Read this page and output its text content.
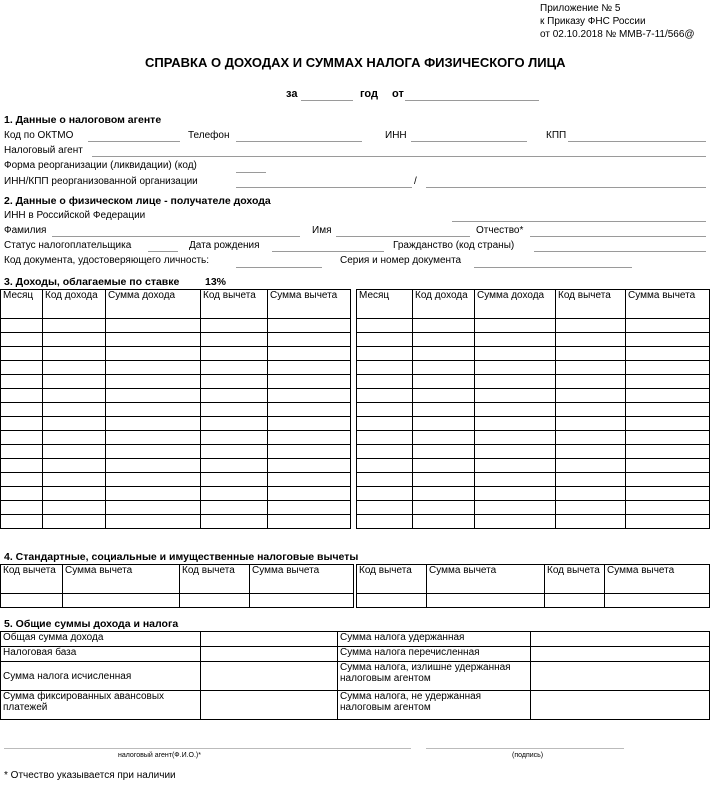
Приложение № 5
к Приказу ФНС России
от 02.10.2018 № ММВ-7-11/566@
СПРАВКА О ДОХОДАХ И СУММАХ НАЛОГА ФИЗИЧЕСКОГО ЛИЦА
за	год от
1. Данные о налоговом агенте
Код по ОКТМО	Телефон	ИНН	КПП
Налоговый агент
Форма реорганизации (ликвидации) (код)
ИНН/КПП реорганизованной организации	/
2. Данные о физическом лице - получателе дохода
ИНН в Российской Федерации
Фамилия	Имя	Отчество*
Статус налогоплательщика	Дата рождения	Гражданство (код страны)
Код документа, удостоверяющего личность:	Серия и номер документа
3. Доходы, облагаемые по ставке 13%
Месяц	Код дохода	Сумма дохода	Код вычета	Сумма вычета		Месяц	Код дохода	Сумма дохода	Код вычета	Сумма вычета

4. Стандартные, социальные и имущественные налоговые вычеты
Код вычета	Сумма вычета	Код вычета	Сумма вычета		Код вычета	Сумма вычета	Код вычета	Сумма вычета

5. Общие суммы дохода и налога
Общая сумма дохода		Сумма налога удержанная	
Налоговая база		Сумма налога перечисленная	
Сумма налога исчисленная		Сумма налога, излишне удержанная налоговым агентом	
Сумма фиксированных авансовых платежей		Сумма налога, не удержанная налоговым агентом	
налоговый агент(Ф.И.О.)*	(подпись)
* Отчество указывается при наличии
